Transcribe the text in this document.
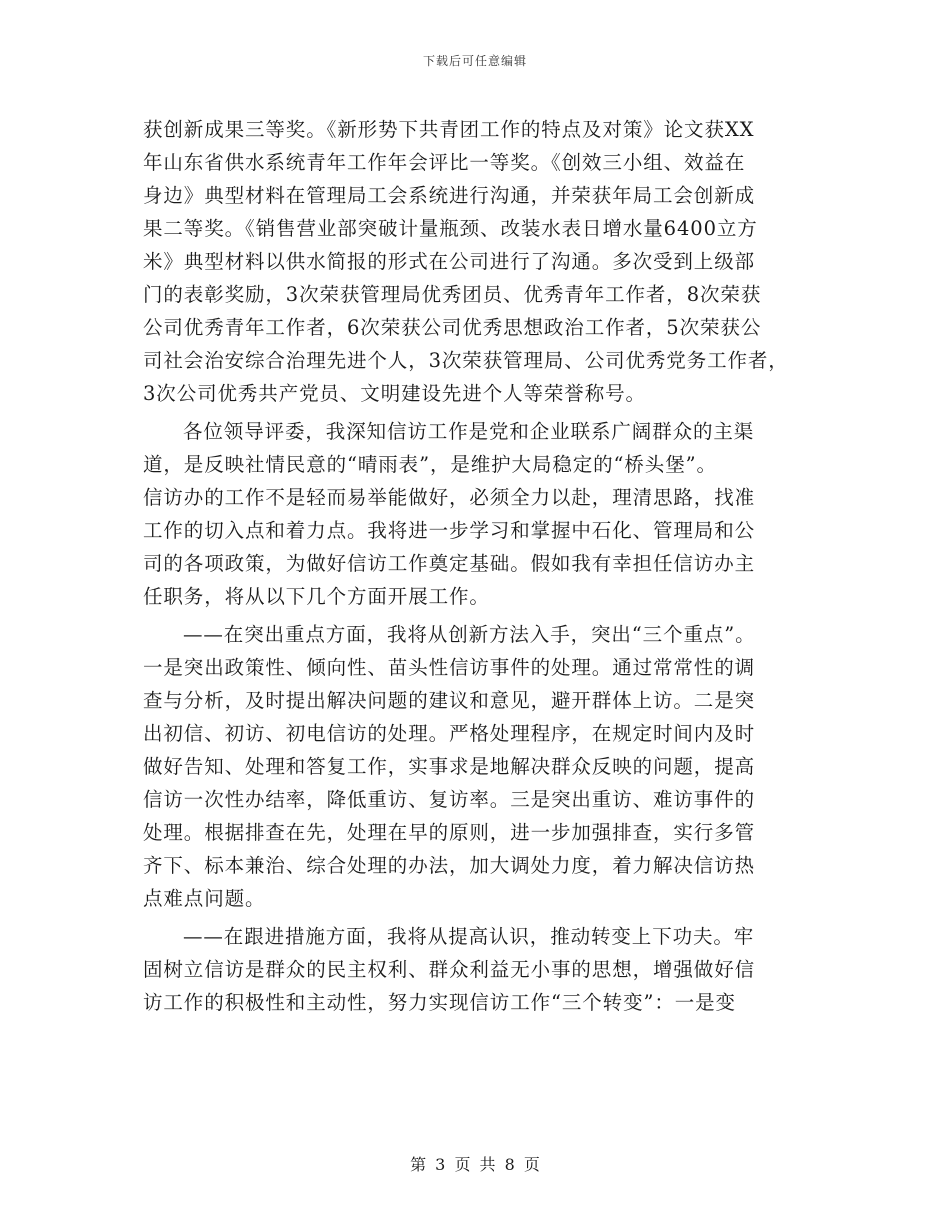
下载后可任意编辑
获创新成果三等奖。《新形势下共青团工作的特点及对策》论文获XX
年山东省供水系统青年工作年会评比一等奖。《创效三小组、效益在
身边》典型材料在管理局工会系统进行沟通，并荣获年局工会创新成
果二等奖。《销售营业部突破计量瓶颈、改装水表日增水量6400立方
米》典型材料以供水简报的形式在公司进行了沟通。多次受到上级部
门的表彰奖励，3次荣获管理局优秀团员、优秀青年工作者，8次荣获
公司优秀青年工作者，6次荣获公司优秀思想政治工作者，5次荣获公
司社会治安综合治理先进个人，3次荣获管理局、公司优秀党务工作者，
3次公司优秀共产党员、文明建设先进个人等荣誉称号。
各位领导评委，我深知信访工作是党和企业联系广阔群众的主渠
道，是反映社情民意的“晴雨表”，是维护大局稳定的“桥头堡”。
信访办的工作不是轻而易举能做好，必须全力以赴，理清思路，找准
工作的切入点和着力点。我将进一步学习和掌握中石化、管理局和公
司的各项政策，为做好信访工作奠定基础。假如我有幸担任信访办主
任职务，将从以下几个方面开展工作。
——在突出重点方面，我将从创新方法入手，突出“三个重点”。
一是突出政策性、倾向性、苗头性信访事件的处理。通过常常性的调
查与分析，及时提出解决问题的建议和意见，避开群体上访。二是突
出初信、初访、初电信访的处理。严格处理程序，在规定时间内及时
做好告知、处理和答复工作，实事求是地解决群众反映的问题，提高
信访一次性办结率，降低重访、复访率。三是突出重访、难访事件的
处理。根据排查在先，处理在早的原则，进一步加强排查，实行多管
齐下、标本兼治、综合处理的办法，加大调处力度，着力解决信访热
点难点问题。
——在跟进措施方面，我将从提高认识，推动转变上下功夫。牢
固树立信访是群众的民主权利、群众利益无小事的思想，增强做好信
访工作的积极性和主动性，努力实现信访工作“三个转变”：一是变
第 3 页 共 8 页
